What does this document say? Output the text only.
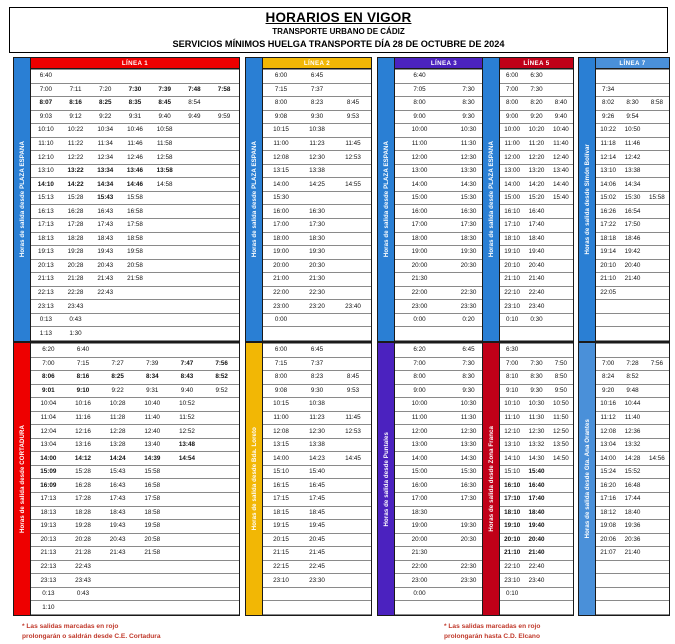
HORARIOS EN VIGOR
TRANSPORTE URBANO DE CÁDIZ
SERVICIOS MÍNIMOS HUELGA TRANSPORTE DÍA 28 DE OCTUBRE DE 2024
Horas de salida desde PLAZA ESPAÑA
LÍNEA 1
6:40						
7:00	7:11	7:20	7:30	7:39	7:48	7:58
8:07	8:16	8:25	8:35	8:45	8:54	
9:03	9:12	9:22	9:31	9:40	9:49	9:59
10:10	10:22	10:34	10:46	10:58		
11:10	11:22	11:34	11:46	11:58		
12:10	12:22	12:34	12:46	12:58		
13:10	13:22	13:34	13:46	13:58		
14:10	14:22	14:34	14:46	14:58		
15:13	15:28	15:43	15:58			
16:13	16:28	16:43	16:58			
17:13	17:28	17:43	17:58			
18:13	18:28	18:43	18:58			
19:13	19:28	19:43	19:58			
20:13	20:28	20:43	20:58			
21:13	21:28	21:43	21:58			
22:13	22:28	22:43				
23:13	23:43					
0:13	0:43					
1:13	1:30					
Horas de salida desde PLAZA ESPAÑA
LÍNEA 2
6:00	6:45	
7:15	7:37	
8:00	8:23	8:45
9:08	9:30	9:53
10:15	10:38	
11:00	11:23	11:45
12:08	12:30	12:53
13:15	13:38	
14:00	14:25	14:55
15:30		
16:00	16:30	
17:00	17:30	
18:00	18:30	
19:00	19:30	
20:00	20:30	
21:00	21:30	
22:00	22:30	
23:00	23:20	23:40
0:00		

Horas de salida desde PLAZA ESPAÑA
LÍNEA 3
6:40	
7:05	7:30
8:00	8:30
9:00	9:30
10:00	10:30
11:00	11:30
12:00	12:30
13:00	13:30
14:00	14:30
15:00	15:30
16:00	16:30
17:00	17:30
18:00	18:30
19:00	19:30
20:00	20:30
21:30	
22:00	22:30
23:00	23:30
0:00	0:20

Horas de salida desde PLAZA ESPAÑA
LÍNEA 5
6:00	6:30	
7:00	7:30	
8:00	8:20	8:40
9:00	9:20	9:40
10:00	10:20	10:40
11:00	11:20	11:40
12:00	12:20	12:40
13:00	13:20	13:40
14:00	14:20	14:40
15:00	15:20	15:40
16:10	16:40	
17:10	17:40	
18:10	18:40	
19:10	19:40	
20:10	20:40	
21:10	21:40	
22:10	22:40	
23:10	23:40	
0:10	0:30	

Horas de salida desde Simón Bolívar
LÍNEA 7

7:34		
8:02	8:30	8:58
9:26	9:54	
10:22	10:50	
11:18	11:46	
12:14	12:42	
13:10	13:38	
14:06	14:34	
15:02	15:30	15:58
16:26	16:54	
17:22	17:50	
18:18	18:46	
19:14	19:42	
20:10	20:40	
21:10	21:40	
22:05		

Horas de salida desde CORTADURA
6:20	6:40				
7:00	7:15	7:27	7:39	7:47	7:56
8:06	8:16	8:25	8:34	8:43	8:52
9:01	9:10	9:22	9:31	9:40	9:52
10:04	10:16	10:28	10:40	10:52	
11:04	11:16	11:28	11:40	11:52	
12:04	12:16	12:28	12:40	12:52	
13:04	13:16	13:28	13:40	13:48	
14:00	14:12	14:24	14:39	14:54	
15:09	15:28	15:43	15:58		
16:09	16:28	16:43	16:58		
17:13	17:28	17:43	17:58		
18:13	18:28	18:43	18:58		
19:13	19:28	19:43	19:58		
20:13	20:28	20:43	20:58		
21:13	21:28	21:43	21:58		
22:13	22:43				
23:13	23:43				
0:13	0:43				
1:10					
Horas de salida desde Bda. Loreto
6:00	6:45	
7:15	7:37	
8:00	8:23	8:45
9:08	9:30	9:53
10:15	10:38	
11:00	11:23	11:45
12:08	12:30	12:53
13:15	13:38	
14:00	14:23	14:45
15:10	15:40	
16:15	16:45	
17:15	17:45	
18:15	18:45	
19:15	19:45	
20:15	20:45	
21:15	21:45	
22:15	22:45	
23:10	23:30	

Horas de salida desde Puntales
6:20	6:45
7:00	7:30
8:00	8:30
9:00	9:30
10:00	10:30
11:00	11:30
12:00	12:30
13:00	13:30
14:00	14:30
15:00	15:30
16:00	16:30
17:00	17:30
18:30	
19:00	19:30
20:00	20:30
21:30	
22:00	22:30
23:00	23:30
0:00	

Horas de salida desde Zona Franca
6:30		
7:00	7:30	7:50
8:10	8:30	8:50
9:10	9:30	9:50
10:10	10:30	10:50
11:10	11:30	11:50
12:10	12:30	12:50
13:10	13:32	13:50
14:10	14:30	14:50
15:10	15:40	
16:10	16:40	
17:10	17:40	
18:10	18:40	
19:10	19:40	
20:10	20:40	
21:10	21:40	
22:10	22:40	
23:10	23:40	
0:10		

Horas de salida desde Gta. Ana Orantes

7:00	7:28	7:56
8:24	8:52	
9:20	9:48	
10:16	10:44	
11:12	11:40	
12:08	12:36	
13:04	13:32	
14:00	14:28	14:56
15:24	15:52	
16:20	16:48	
17:16	17:44	
18:12	18:40	
19:08	19:36	
20:06	20:36	
21:07	21:40	

* Las salidas marcadas en rojo
prolongarán o saldrán desde C.E. Cortadura
* Las salidas marcadas en rojo
prolongarán hasta C.D. Elcano
